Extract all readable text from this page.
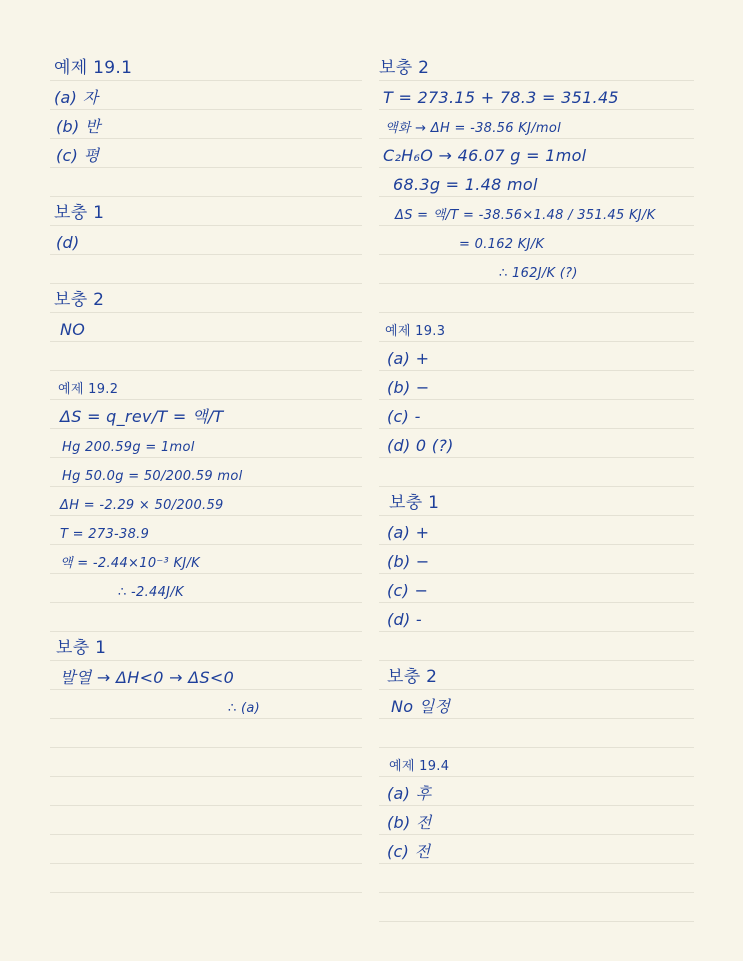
예제 19.1
(a) 자
(b) 반
(c) 평
보충 1
(d)
보충 2
NO
예제 19.2
ΔS = q_rev/T = 액/T
Hg 200.59g = 1mol
Hg 50.0g = 50/200.59 mol
ΔH = -2.29 × 50/200.59
T = 273-38.9
액 = -2.44×10⁻³ KJ/K
∴ -2.44J/K
보충 1
발열 → ΔH<0 → ΔS<0
∴ (a)
보충 2
T = 273.15 + 78.3 = 351.45
액화 → ΔH = -38.56 KJ/mol
C₂H₆O → 46.07 g = 1mol
68.3g = 1.48 mol
ΔS = 액/T = -38.56×1.48 / 351.45 KJ/K
= 0.162 KJ/K
∴ 162J/K (?)
예제 19.3
(a) +
(b) −
(c) -
(d) 0 (?)
보충 1
(a) +
(b) −
(c) −
(d) -
보충 2
No 일정
예제 19.4
(a) 후
(b) 전
(c) 전
